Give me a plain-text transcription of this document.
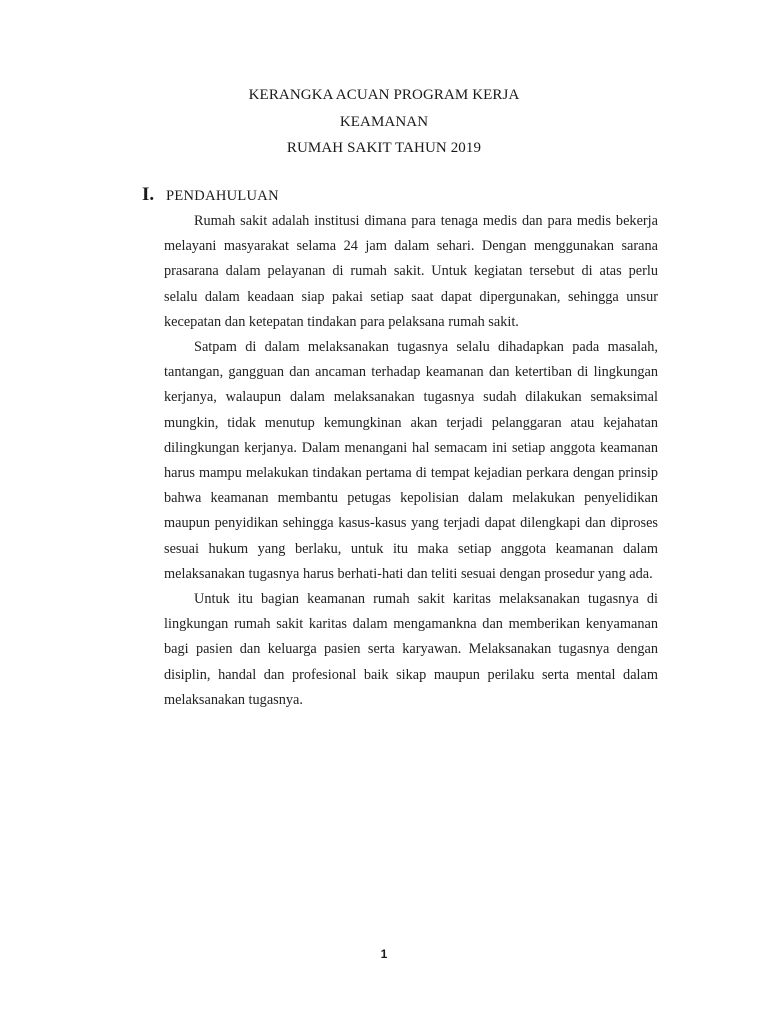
KERANGKA ACUAN PROGRAM KERJA
KEAMANAN
RUMAH SAKIT TAHUN 2019
I. PENDAHULUAN

Rumah sakit adalah institusi dimana para tenaga medis dan para medis bekerja melayani masyarakat selama 24 jam dalam sehari. Dengan menggunakan sarana prasarana dalam pelayanan di rumah sakit. Untuk kegiatan tersebut di atas perlu selalu dalam keadaan siap pakai setiap saat dapat dipergunakan, sehingga unsur kecepatan dan ketepatan tindakan para pelaksana rumah sakit.

Satpam di dalam melaksanakan tugasnya selalu dihadapkan pada masalah, tantangan, gangguan dan ancaman terhadap keamanan dan ketertiban di lingkungan kerjanya, walaupun dalam melaksanakan tugasnya sudah dilakukan semaksimal mungkin, tidak menutup kemungkinan akan terjadi pelanggaran atau kejahatan dilingkungan kerjanya. Dalam menangani hal semacam ini setiap anggota keamanan harus mampu melakukan tindakan pertama di tempat kejadian perkara dengan prinsip bahwa keamanan membantu petugas kepolisian dalam melakukan penyelidikan maupun penyidikan sehingga kasus-kasus yang terjadi dapat dilengkapi dan diproses sesuai hukum yang berlaku, untuk itu maka setiap anggota keamanan dalam melaksanakan tugasnya harus berhati-hati dan teliti sesuai dengan prosedur yang ada.

Untuk itu bagian keamanan rumah sakit karitas melaksanakan tugasnya di lingkungan rumah sakit karitas dalam mengamankna dan memberikan kenyamanan bagi pasien dan keluarga pasien serta karyawan. Melaksanakan tugasnya dengan disiplin, handal dan profesional baik sikap maupun perilaku serta mental dalam melaksanakan tugasnya.

1
